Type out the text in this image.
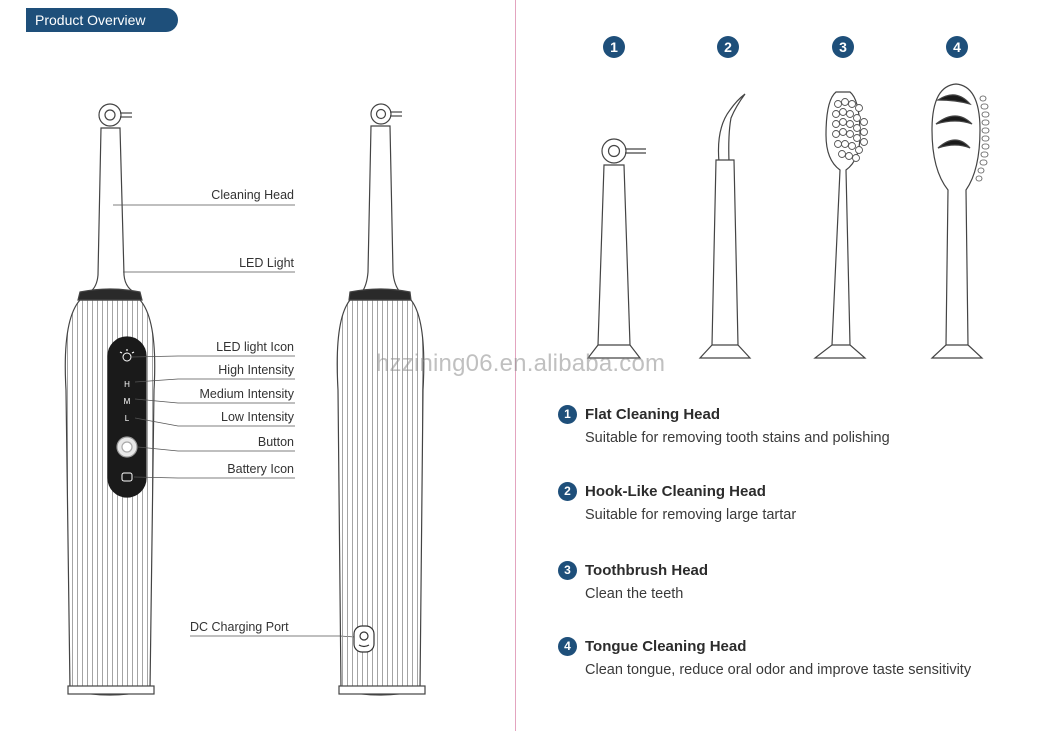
Product Overview
H
M
L
Cleaning Head
LED Light
LED light Icon
High Intensity
Medium Intensity
Low Intensity
Button
Battery Icon
DC Charging Port
1	2	3	4
1 Flat Cleaning Head
Suitable for removing tooth stains and polishing
2 Hook-Like Cleaning Head
Suitable for removing large tartar
3 Toothbrush Head
Clean the teeth
4 Tongue Cleaning Head
Clean tongue, reduce oral odor and improve taste sensitivity
hzzining06.en.alibaba.com
